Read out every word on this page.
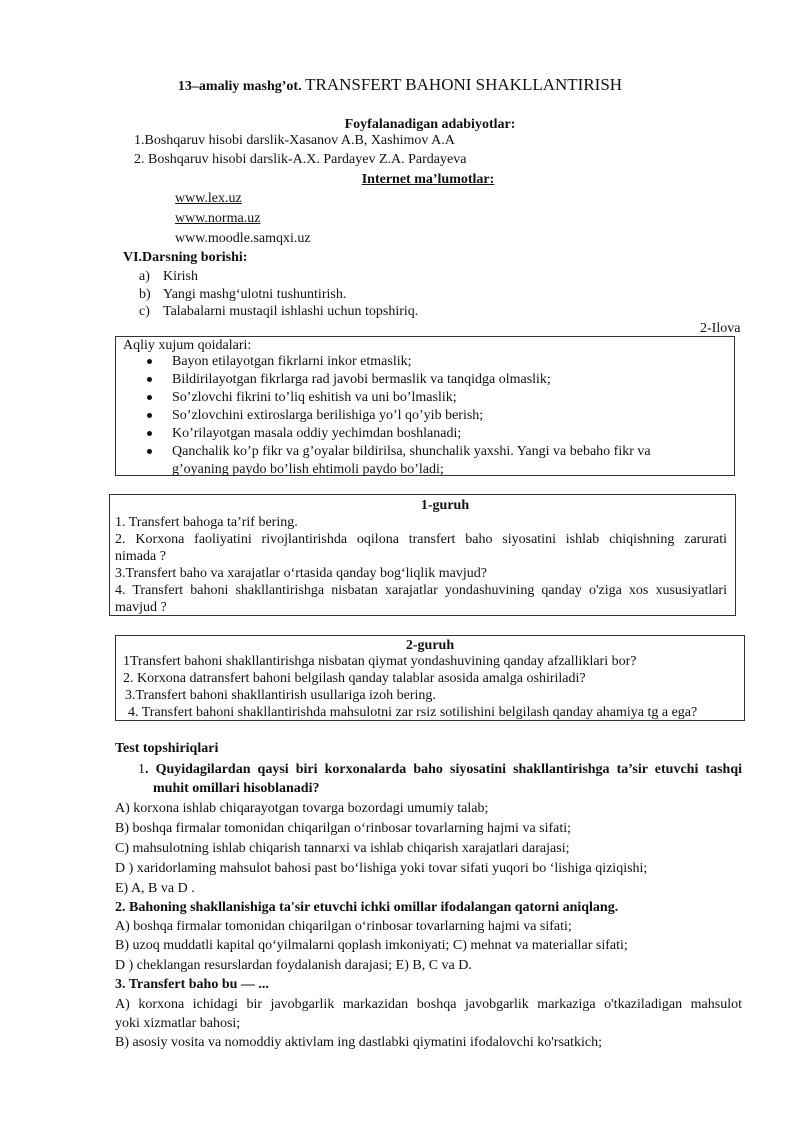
13–amaliy mashg’ot. TRANSFERT BAHONI SHAKLLANTIRISH
Foyfalanadigan adabiyotlar:
1.Boshqaruv hisobi darslik-Xasanov A.B, Xashimov A.A
2. Boshqaruv hisobi darslik-A.X. Pardayev Z.A. Pardayeva
Internet ma’lumotlar:
www.lex.uz
www.norma.uz
www.moodle.samqxi.uz
VI.Darsning borishi:
a) Kirish
b) Yangi mashg‘ulotni tushuntirish.
c) Talabalarni mustaqil ishlashi uchun topshiriq.
2-Ilova
Aqliy xujum qoidalari:
Bayon etilayotgan fikrlarni inkor etmaslik;
Bildirilayotgan fikrlarga rad javobi bermaslik va tanqidga olmaslik;
So’zlovchi fikrini to’liq eshitish va uni bo’lmaslik;
So’zlovchini extiroslarga berilishiga yo’l qo’yib berish;
Ko’rilayotgan masala oddiy yechimdan boshlanadi;
Qanchalik ko’p fikr va g’oyalar bildirilsa, shunchalik yaxshi. Yangi va bebaho fikr va
g’oyaning paydo bo’lish ehtimoli paydo bo’ladi;
1-guruh
1. Transfert bahoga ta’rif bering.
2. Korxona faoliyatini rivojlantirishda oqilona transfert baho siyosatini ishlab chiqishning zarurati
nimada ?
3.Transfert baho va xarajatlar o‘rtasida qanday bog‘liqlik mavjud?
4. Transfert bahoni shakllantirishga nisbatan xarajatlar yondashuvining qanday o'ziga xos xususiyatlari
mavjud ?
2-guruh
1Transfert bahoni shakllantirishga nisbatan qiymat yondashuvining qanday afzalliklari bor?
2. Korxona datransfert bahoni belgilash qanday talablar asosida amalga oshiriladi?
3.Transfert bahoni shakllantirish usullariga izoh bering.
4. Transfert bahoni shakllantirishda mahsulotni zar rsiz sotilishini belgilash qanday ahamiya tg a ega?
Test topshiriqlari
1. Quyidagilardan qaysi biri korxonalarda baho siyosatini shakllantirishga ta’sir etuvchi tashqi
muhit omillari hisoblanadi?
A) korxona ishlab chiqarayotgan tovarga bozordagi umumiy talab;
B) boshqa firmalar tomonidan chiqarilgan o‘rinbosar tovarlarning hajmi va sifati;
C) mahsulotning ishlab chiqarish tannarxi va ishlab chiqarish xarajatlari darajasi;
D ) xaridorlaming mahsulot bahosi past bo‘lishiga yoki tovar sifati yuqori bo ‘lishiga qiziqishi;
E) A, B va D .
2. Bahoning shakllanishiga ta'sir etuvchi ichki omillar ifodalangan qatorni aniqlang.
A) boshqa firmalar tomonidan chiqarilgan o‘rinbosar tovarlarning hajmi va sifati;
B) uzoq muddatli kapital qo‘yilmalarni qoplash imkoniyati; C) mehnat va materiallar sifati;
D ) cheklangan resurslardan foydalanish darajasi; E) B, C va D.
3. Transfert baho bu — ...
A) korxona ichidagi bir javobgarlik markazidan boshqa javobgarlik markaziga o'tkaziladigan mahsulot
yoki xizmatlar bahosi;
B) asosiy vosita va nomoddiy aktivlam ing dastlabki qiymatini ifodalovchi ko'rsatkich;
